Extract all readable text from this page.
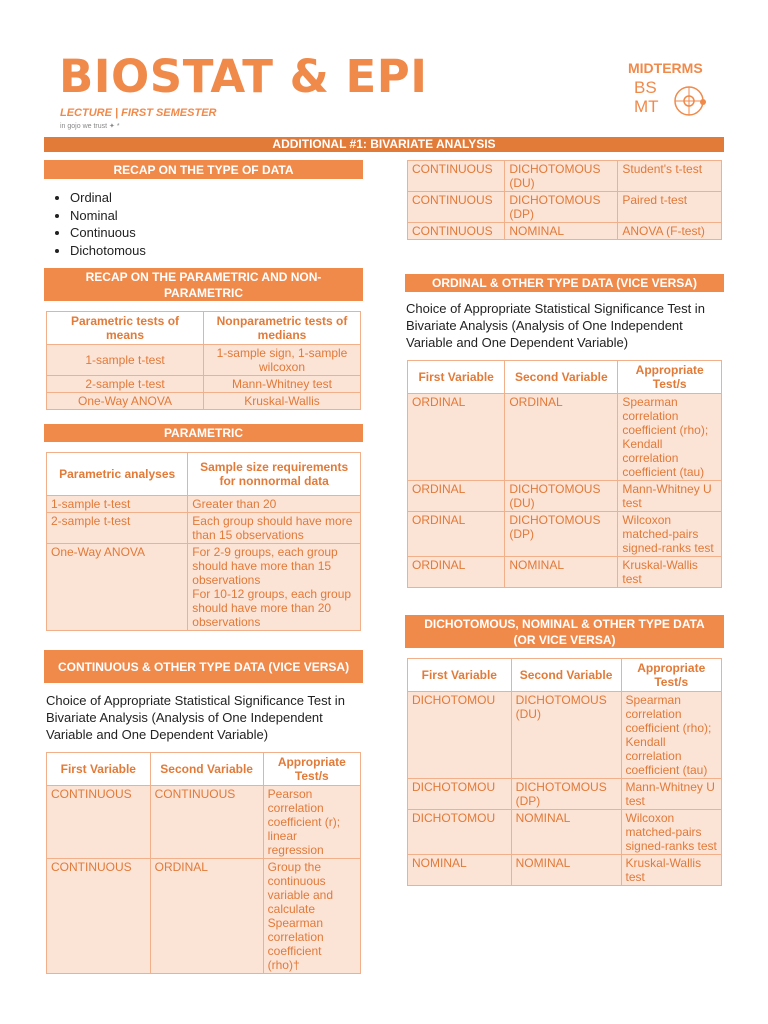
BIOSTAT & EPI
LECTURE | FIRST SEMESTER
in gojo we trust ✦ *
MIDTERMS
BS
MT
ADDITIONAL #1: BIVARIATE ANALYSIS
RECAP ON THE TYPE OF DATA
• Ordinal
• Nominal
• Continuous
• Dichotomous
RECAP ON THE PARAMETRIC AND NON-PARAMETRIC
Parametric tests of means	Nonparametric tests of medians
1-sample t-test	1-sample sign, 1-sample wilcoxon
2-sample t-test	Mann-Whitney test
One-Way ANOVA	Kruskal-Wallis
PARAMETRIC
Parametric analyses	Sample size requirements for nonnormal data
1-sample t-test	Greater than 20
2-sample t-test	Each group should have more than 15 observations
One-Way ANOVA	For 2-9 groups, each group should have more than 15 observations
For 10-12 groups, each group should have more than 20 observations
CONTINUOUS & OTHER TYPE DATA (VICE VERSA)
Choice of Appropriate Statistical Significance Test in Bivariate Analysis (Analysis of One Independent Variable and One Dependent Variable)
First Variable	Second Variable	Appropriate Test/s
CONTINUOUS	CONTINUOUS	Pearson correlation coefficient (r); linear regression
CONTINUOUS	ORDINAL	Group the continuous variable and calculate Spearman correlation coefficient (rho)†
CONTINUOUS	DICHOTOMOUS (DU)	Student's t-test
CONTINUOUS	DICHOTOMOUS (DP)	Paired t-test
CONTINUOUS	NOMINAL	ANOVA (F-test)
ORDINAL & OTHER TYPE DATA (VICE VERSA)
Choice of Appropriate Statistical Significance Test in Bivariate Analysis (Analysis of One Independent Variable and One Dependent Variable)
First Variable	Second Variable	Appropriate Test/s
ORDINAL	ORDINAL	Spearman correlation coefficient (rho); Kendall correlation coefficient (tau)
ORDINAL	DICHOTOMOUS (DU)	Mann-Whitney U test
ORDINAL	DICHOTOMOUS (DP)	Wilcoxon matched-pairs signed-ranks test
ORDINAL	NOMINAL	Kruskal-Wallis test
DICHOTOMOUS, NOMINAL & OTHER TYPE DATA (OR VICE VERSA)
First Variable	Second Variable	Appropriate Test/s
DICHOTOMOU	DICHOTOMOUS (DU)	Spearman correlation coefficient (rho); Kendall correlation coefficient (tau)
DICHOTOMOU	DICHOTOMOUS (DP)	Mann-Whitney U test
DICHOTOMOU	NOMINAL	Wilcoxon matched-pairs signed-ranks test
NOMINAL	NOMINAL	Kruskal-Wallis test
